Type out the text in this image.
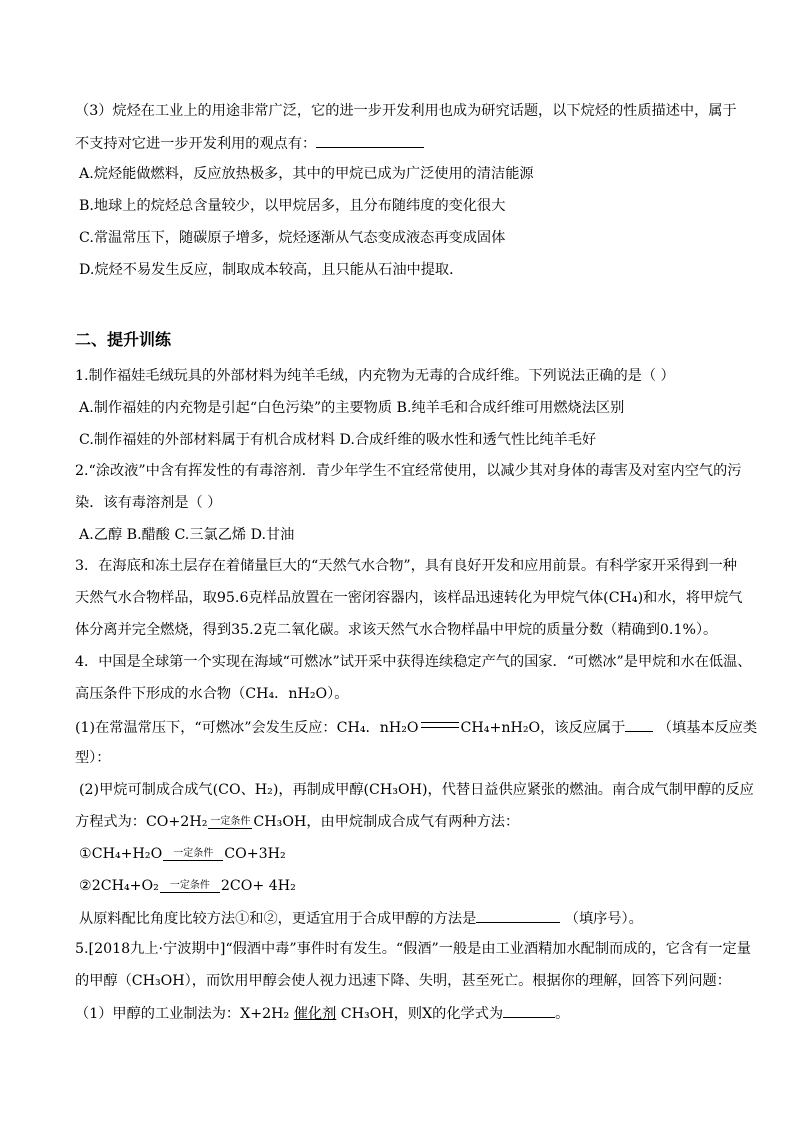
（3）烷烃在工业上的用途非常广泛，它的进一步开发利用也成为研究话题，以下烷烃的性质描述中，属于
不支持对它进一步开发利用的观点有：
A.烷烃能做燃料，反应放热极多，其中的甲烷已成为广泛使用的清洁能源
B.地球上的烷烃总含量较少，以甲烷居多，且分布随纬度的变化很大
C.常温常压下，随碳原子增多，烷烃逐渐从气态变成液态再变成固体
D.烷烃不易发生反应，制取成本较高，且只能从石油中提取．
二、提升训练
1.制作福娃毛绒玩具的外部材料为纯羊毛绒，内充物为无毒的合成纤维。下列说法正确的是（ ）
A.制作福娃的内充物是引起“白色污染”的主要物质 B.纯羊毛和合成纤维可用燃烧法区别
C.制作福娃的外部材料属于有机合成材料 D.合成纤维的吸水性和透气性比纯羊毛好
2.“涂改液”中含有挥发性的有毒溶剂．青少年学生不宜经常使用，以减少其对身体的毒害及对室内空气的污
染．该有毒溶剂是（ ）
A.乙醇 B.醋酸 C.三氯乙烯 D.甘油
3．在海底和冻土层存在着储量巨大的“天然气水合物”，具有良好开发和应用前景。有科学家开采得到一种
天然气水合物样品，取95.6克样品放置在一密闭容器内，该样品迅速转化为甲烷气体(CH₄)和水，将甲烷气
体分离并完全燃烧，得到35.2克二氧化碳。求该天然气水合物样晶中甲烷的质量分数（精确到0.1%）。
4．中国是全球第一个实现在海域“可燃冰”试开采中获得连续稳定产气的国家．“可燃冰”是甲烷和水在低温、
高压条件下形成的水合物（CH₄．nH₂O）。
(1)在常温常压下，“可燃冰”会发生反应：CH₄．nH₂O	CH₄+nH₂O，该反应属于 （填基本反应类
型）：
(2)甲烷可制成合成气(CO、H₂)，再制成甲醇(CH₃OH)，代替日益供应紧张的燃油。南合成气制甲醇的反应
方程式为：CO+2H₂ 一定条件 CH₃OH，由甲烷制成合成气有两种方法：
①CH₄+H₂O	一定条件 CO+3H₂
②2CH₄+O₂	一定条件 2CO+ 4H₂
从原料配比角度比较方法①和②，更适宜用于合成甲醇的方法是	（填序号）。
5.[2018九上·宁波期中]“假酒中毒”事件时有发生。“假酒”一般是由工业酒精加水配制而成的，它含有一定量
的甲醇（CH₃OH），而饮用甲醇会使人视力迅速下降、失明，甚至死亡。根据你的理解，回答下列问题：
（1）甲醇的工业制法为：X+2H₂ 催化剂 CH₃OH，则X的化学式为	。
